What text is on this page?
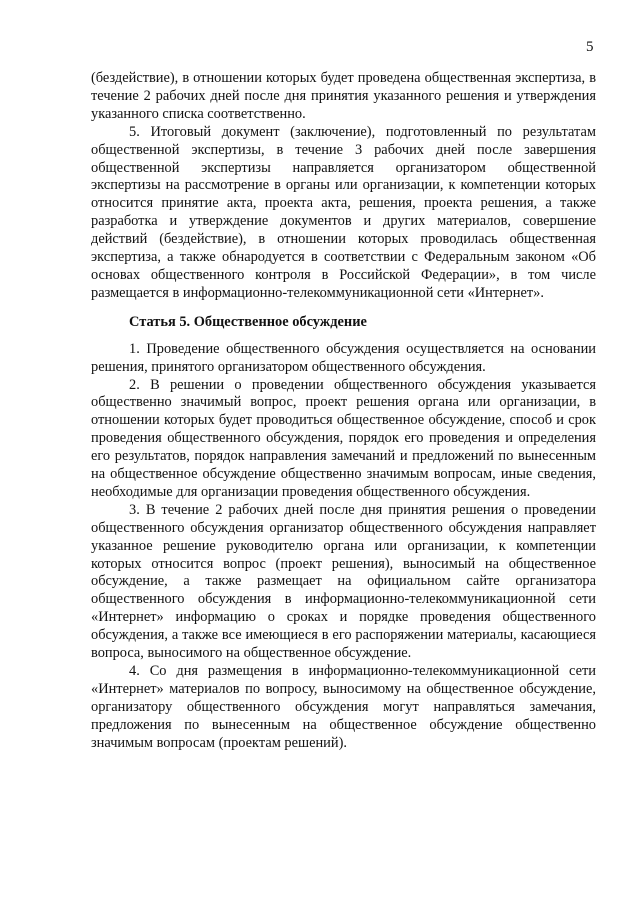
5

(бездействие), в отношении которых будет проведена общественная экспертиза, в течение 2 рабочих дней после дня принятия указанного решения и утверждения указанного списка соответственно.

5. Итоговый документ (заключение), подготовленный по результатам общественной экспертизы, в течение 3 рабочих дней после завершения общественной экспертизы направляется организатором общественной экспертизы на рассмотрение в органы или организации, к компетенции которых относится принятие акта, проекта акта, решения, проекта решения, а также разработка и утверждение документов и других материалов, совершение действий (бездействие), в отношении которых проводилась общественная экспертиза, а также обнародуется в соответствии с Федеральным законом «Об основах общественного контроля в Российской Федерации», в том числе размещается в информационно-телекоммуникационной сети «Интернет».

Статья 5. Общественное обсуждение

1. Проведение общественного обсуждения осуществляется на основании решения, принятого организатором общественного обсуждения.

2. В решении о проведении общественного обсуждения указывается общественно значимый вопрос, проект решения органа или организации, в отношении которых будет проводиться общественное обсуждение, способ и срок проведения общественного обсуждения, порядок его проведения и определения его результатов, порядок направления замечаний и предложений по вынесенным на общественное обсуждение общественно значимым вопросам, иные сведения, необходимые для организации проведения общественного обсуждения.

3. В течение 2 рабочих дней после дня принятия решения о проведении общественного обсуждения организатор общественного обсуждения направляет указанное решение руководителю органа или организации, к компетенции которых относится вопрос (проект решения), выносимый на общественное обсуждение, а также размещает на официальном сайте организатора общественного обсуждения в информационно-телекоммуникационной сети «Интернет» информацию о сроках и порядке проведения общественного обсуждения, а также все имеющиеся в его распоряжении материалы, касающиеся вопроса, выносимого на общественное обсуждение.

4. Со дня размещения в информационно-телекоммуникационной сети «Интернет» материалов по вопросу, выносимому на общественное обсуждение, организатору общественного обсуждения могут направляться замечания, предложения по вынесенным на общественное обсуждение общественно значимым вопросам (проектам решений).
